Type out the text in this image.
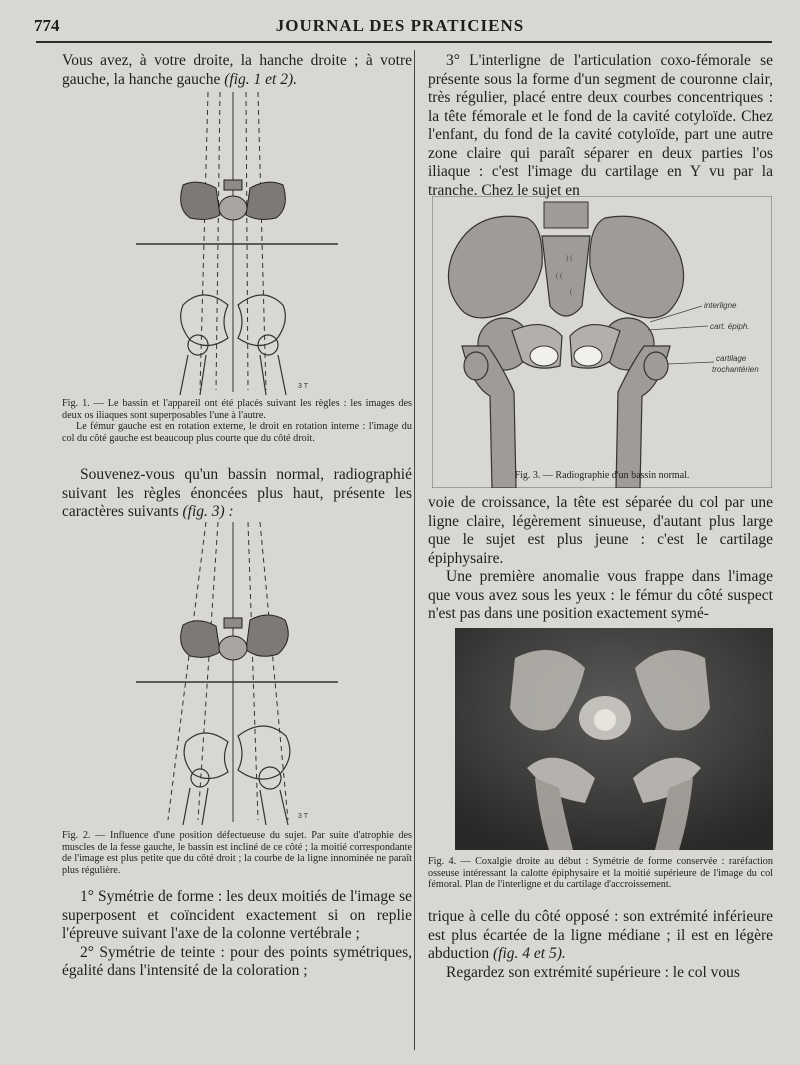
774	JOURNAL DES PRATICIENS

Vous avez, à votre droite, la hanche droite ; à votre gauche, la hanche gauche (fig. 1 et 2).

3 T

Fig. 1. — Le bassin et l'appareil ont été placés suivant les règles : les images des deux os iliaques sont superposables l'une à l'autre.

Le fémur gauche est en rotation externe, le droit en rotation interne : l'image du col du côté gauche est beaucoup plus courte que du côté droit.

Souvenez-vous qu'un bassin normal, radiographié suivant les règles énoncées plus haut, présente les caractères suivants (fig. 3) :

3 T

Fig. 2. — Influence d'une position défectueuse du sujet. Par suite d'atrophie des muscles de la fesse gauche, le bassin est incliné de ce côté ; la moitié correspondante de l'image est plus petite que du côté droit ; la courbe de la ligne innominée ne paraît plus régulière.

1° Symétrie de forme : les deux moitiés de l'image se superposent et coïncident exactement si on replie l'épreuve suivant l'axe de la colonne vertébrale ;

2° Symétrie de teinte : pour des points symétriques, égalité dans l'intensité de la coloration ;

3° L'interligne de l'articulation coxo-fémorale se présente sous la forme d'un segment de couronne clair, très régulier, placé entre deux courbes concentriques : la tête fémorale et le fond de la cavité cotyloïde. Chez l'enfant, du fond de la cavité cotyloïde, part une autre zone claire qui paraît séparer en deux parties l'os iliaque : c'est l'image du cartilage en Y vu par la tranche. Chez le sujet en

) (
( (
(
interligne
cart. épiph.
cartilage
trochantérien
Fig. 3. — Radiographie d'un bassin normal.

voie de croissance, la tête est séparée du col par une ligne claire, légèrement sinueuse, d'autant plus large que le sujet est plus jeune : c'est le cartilage épiphysaire.

Une première anomalie vous frappe dans l'image que vous avez sous les yeux : le fémur du côté suspect n'est pas dans une position exactement symé-

Fig. 4. — Coxalgie droite au début : Symétrie de forme conservée : raréfaction osseuse intéressant la calotte épiphysaire et la moitié supérieure de l'image du col fémoral. Plan de l'interligne et du cartilage d'accroissement.

trique à celle du côté opposé : son extrémité inférieure est plus écartée de la ligne médiane ; il est en légère abduction (fig. 4 et 5).

Regardez son extrémité supérieure : le col vous
